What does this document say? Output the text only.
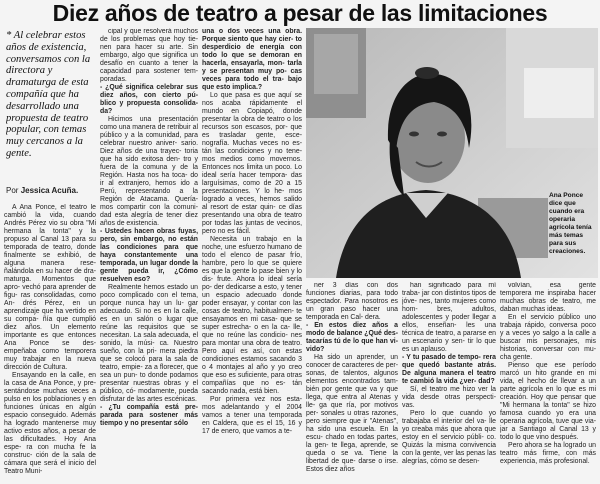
Diez años de teatro a pesar de las limitaciones
* Al celebrar estos años de existencia, conversamos con la directora y dramaturga de esta compañía que ha desarrollado una propuesta de teatro popular, con temas muy cercanos a la gente.
Por Jessica Acuña.

A Ana Ponce, el teatro le cambió la vida, cuando Andrés Pérez vio su obra "Mi hermana la tonta" y la propuso al Canal 13 para su temporada de teatro, donde finalmente se exhibió, de alguna manera rese- ñalándola en su hacer de dra- maturga. Momentos que apro- vechó para aprender de figu- ras consolidadas, como An- drés Pérez, en un aprendizaje que ha vertido en su compa- ñía que cumplió diez años. Un elemento importante es que entonces Ana Ponce se des- empeñaba como temporera muy trabajar en la nueva dirección de Cultura.

Ensayando en la calle, en la casa de Ana Ponce, y pre- sentándose muchas veces a pulso en los poblaciones y en funciones únicas en algún espacio conseguido. Además ha logrado mantenerse muy activo estos años, a pesar de las dificultades. Hoy Ana espe- ra con mucha fe la construc- ción de la sala de cámara que será el inicio del Teatro Muni-

cipal y que resolverá muchos de los problemas que hoy tie- nen para hacer su arte. Sin embargo, algo que significa un desafío en cuanto a tener la capacidad para sostener tem- poradas.

- ¿Qué significa celebrar sus diez años, con cierto pú- blico y propuesta consolida- da?

Hicimos una presentación como una manera de retribuir al público y a la comunidad, para celebrar nuestro aniver- sario. Diez años de una trayec- toria que ha sido exitosa den- tro y fuera de la comuna y de la Región. Hasta nos ha toca- do ir al extranjero, hemos ido a Perú, representando a la Región de Atacama. Quería- mos compartir con la comuni- dad esta alegría de tener diez años de existencia.

- Ustedes hacen obras fuyas, pero, sin embargo, no están las condiciones para que haya constantemente una temporada, un lugar donde la gente pueda ir, ¿Cómo resuelven eso?

Realmente hemos estado un poco complicado con el tema, porque nunca hay un lu- gar adecuado. Si no es en la calle, es en un salón o lugar que reúne las requisitos que se necesitan. La sala adecuada, el sonido, la músi- ca. Nuestro sueño, con la pri- mera piedra que se colocó para la sala de teatro, empie- za a florecer, que sea un pun- to donde podamos presentar nuestras obras y el público, có- modamente, pueda disfrutar de las artes escénicas.

- ¿Tu compañía está pre- parada para sostener más tiempo y no presentar sólo

una o dos veces una obra. Porque siento que hay cier- to desperdicio de energía con todo lo que se demoran en hacerla, ensayarla, mon- tarla y se presentan muy po- cas veces para todo el tra- bajo que esto implica.?

Lo que pasa es que aquí se nos acaba rápidamente el mundo en Copiapó, donde presentar la obra de teatro o los recursos son escasos, por- que es trasladar gente, esce- nografía. Muchas veces no es- tán las condiciones y no tene- mos medios como movernos. Entonces nos limita un poco. Lo ideal sería hacer tempora- das larguísimas, como de 20 a 15 presentaciones. Y lo he- mos logrado a veces, hemos salido al resort de estar quin- ce días presentando una obra de teatro por todas las juntas de vecinos, pero no es fácil.

Necesita un trabajo en la noche, une esfuerzo humano de todo el elenco de pasar frío, hambre, pero lo que se quiere es que la gente lo pase bien y lo dis- frute. Ahora lo ideal sería po- der dedicarse a esto, y tener un espacio adecuado donde poder ensayar, y contar con las cosas de teatro, habitualmen- te ensayamos en mi casa- que se super estrecha- o en la ca- lle, que no reúne las condicio- nes para montar una obra de teatro. Pero aquí es así, con estas condiciones estamos sacando 3 o 4 montajes al año y yo creo que eso es suficiente, para otras compañías que no es- tán sacando nada, está bien.

Por primera vez nos esta- mos adelantando y el 2004 vamos a tener una temporada en Caldera, que es el 15, 16 y 17 de enero, que vamos a te-

Ana Ponce dice que cuando era operaria agrícola tenía más temas para sus creaciones.

ner 3 días con dos funciones diarias, para todo espectador. Para nosotros es un gran paso hacer una temporada en Cal- dera.

- En estos diez años a modo de balance ¿Qué des- tacarías tú de lo que han vi- vido?

Ha sido un aprender, un conocer de caracteres de per- sonas, de talentos, algunos elementos encontrados tam- bién por gente que va y que llega, que entra al Atenas y lle- ga que ría, por motivos per- sonales u otras razones, pero siempre que ir "Atenas", ha sido una escuela. En la escu- chado en todas partes, la gen- te llega, aprende, se queda o se va. Tiene la libertad de que- darse o irse. Estos diez años

han significado para mí traba- jar con distintos tipos de jóve- nes, tanto mujeres como hom- bres, adultos, adolescentes y poder llegar a ellos, enseñan- les una técnica de teatro, a pararse en un escenario y sen- tir lo que es un aplauso.

- Y tu pasado de tempo- rera que quedó bastante atrás. De alguna manera el teatro te cambió la vida ¿ver- dad?

Sí, el teatro me hizo ver la vida desde otras perspecti- vas.

Pero lo que cuando yo trabajaba el interior del va- lle yo creaba más que ahora que estoy en el servicio públi- co. Quizás la misma convivencia con la gente, ver las penas las alegrías, cómo se desen-

volvían, esa gente temporera me inspiraba hacer muchas obras de teatro, me daban muchas ideas.

En el servicio público uno trabaja rápido, conversa poco y a veces yo salgo a la calle a buscar mis personajes, mis historias, conversar con mu- cha gente.

Pienso que ese período marcó un hito grande en mi vida, el hecho de llevar a un parte agrícola en lo que es mi creación. Hoy que pensar que "Mi hermana la tonta" se hizo famosa cuando yo era una operaria agrícola, tuve que via- jar a Santiago al Canal 13 y todo lo que vino después.

Pero ahora se ha logrado un teatro más firme, con más experiencia, más profesional.
